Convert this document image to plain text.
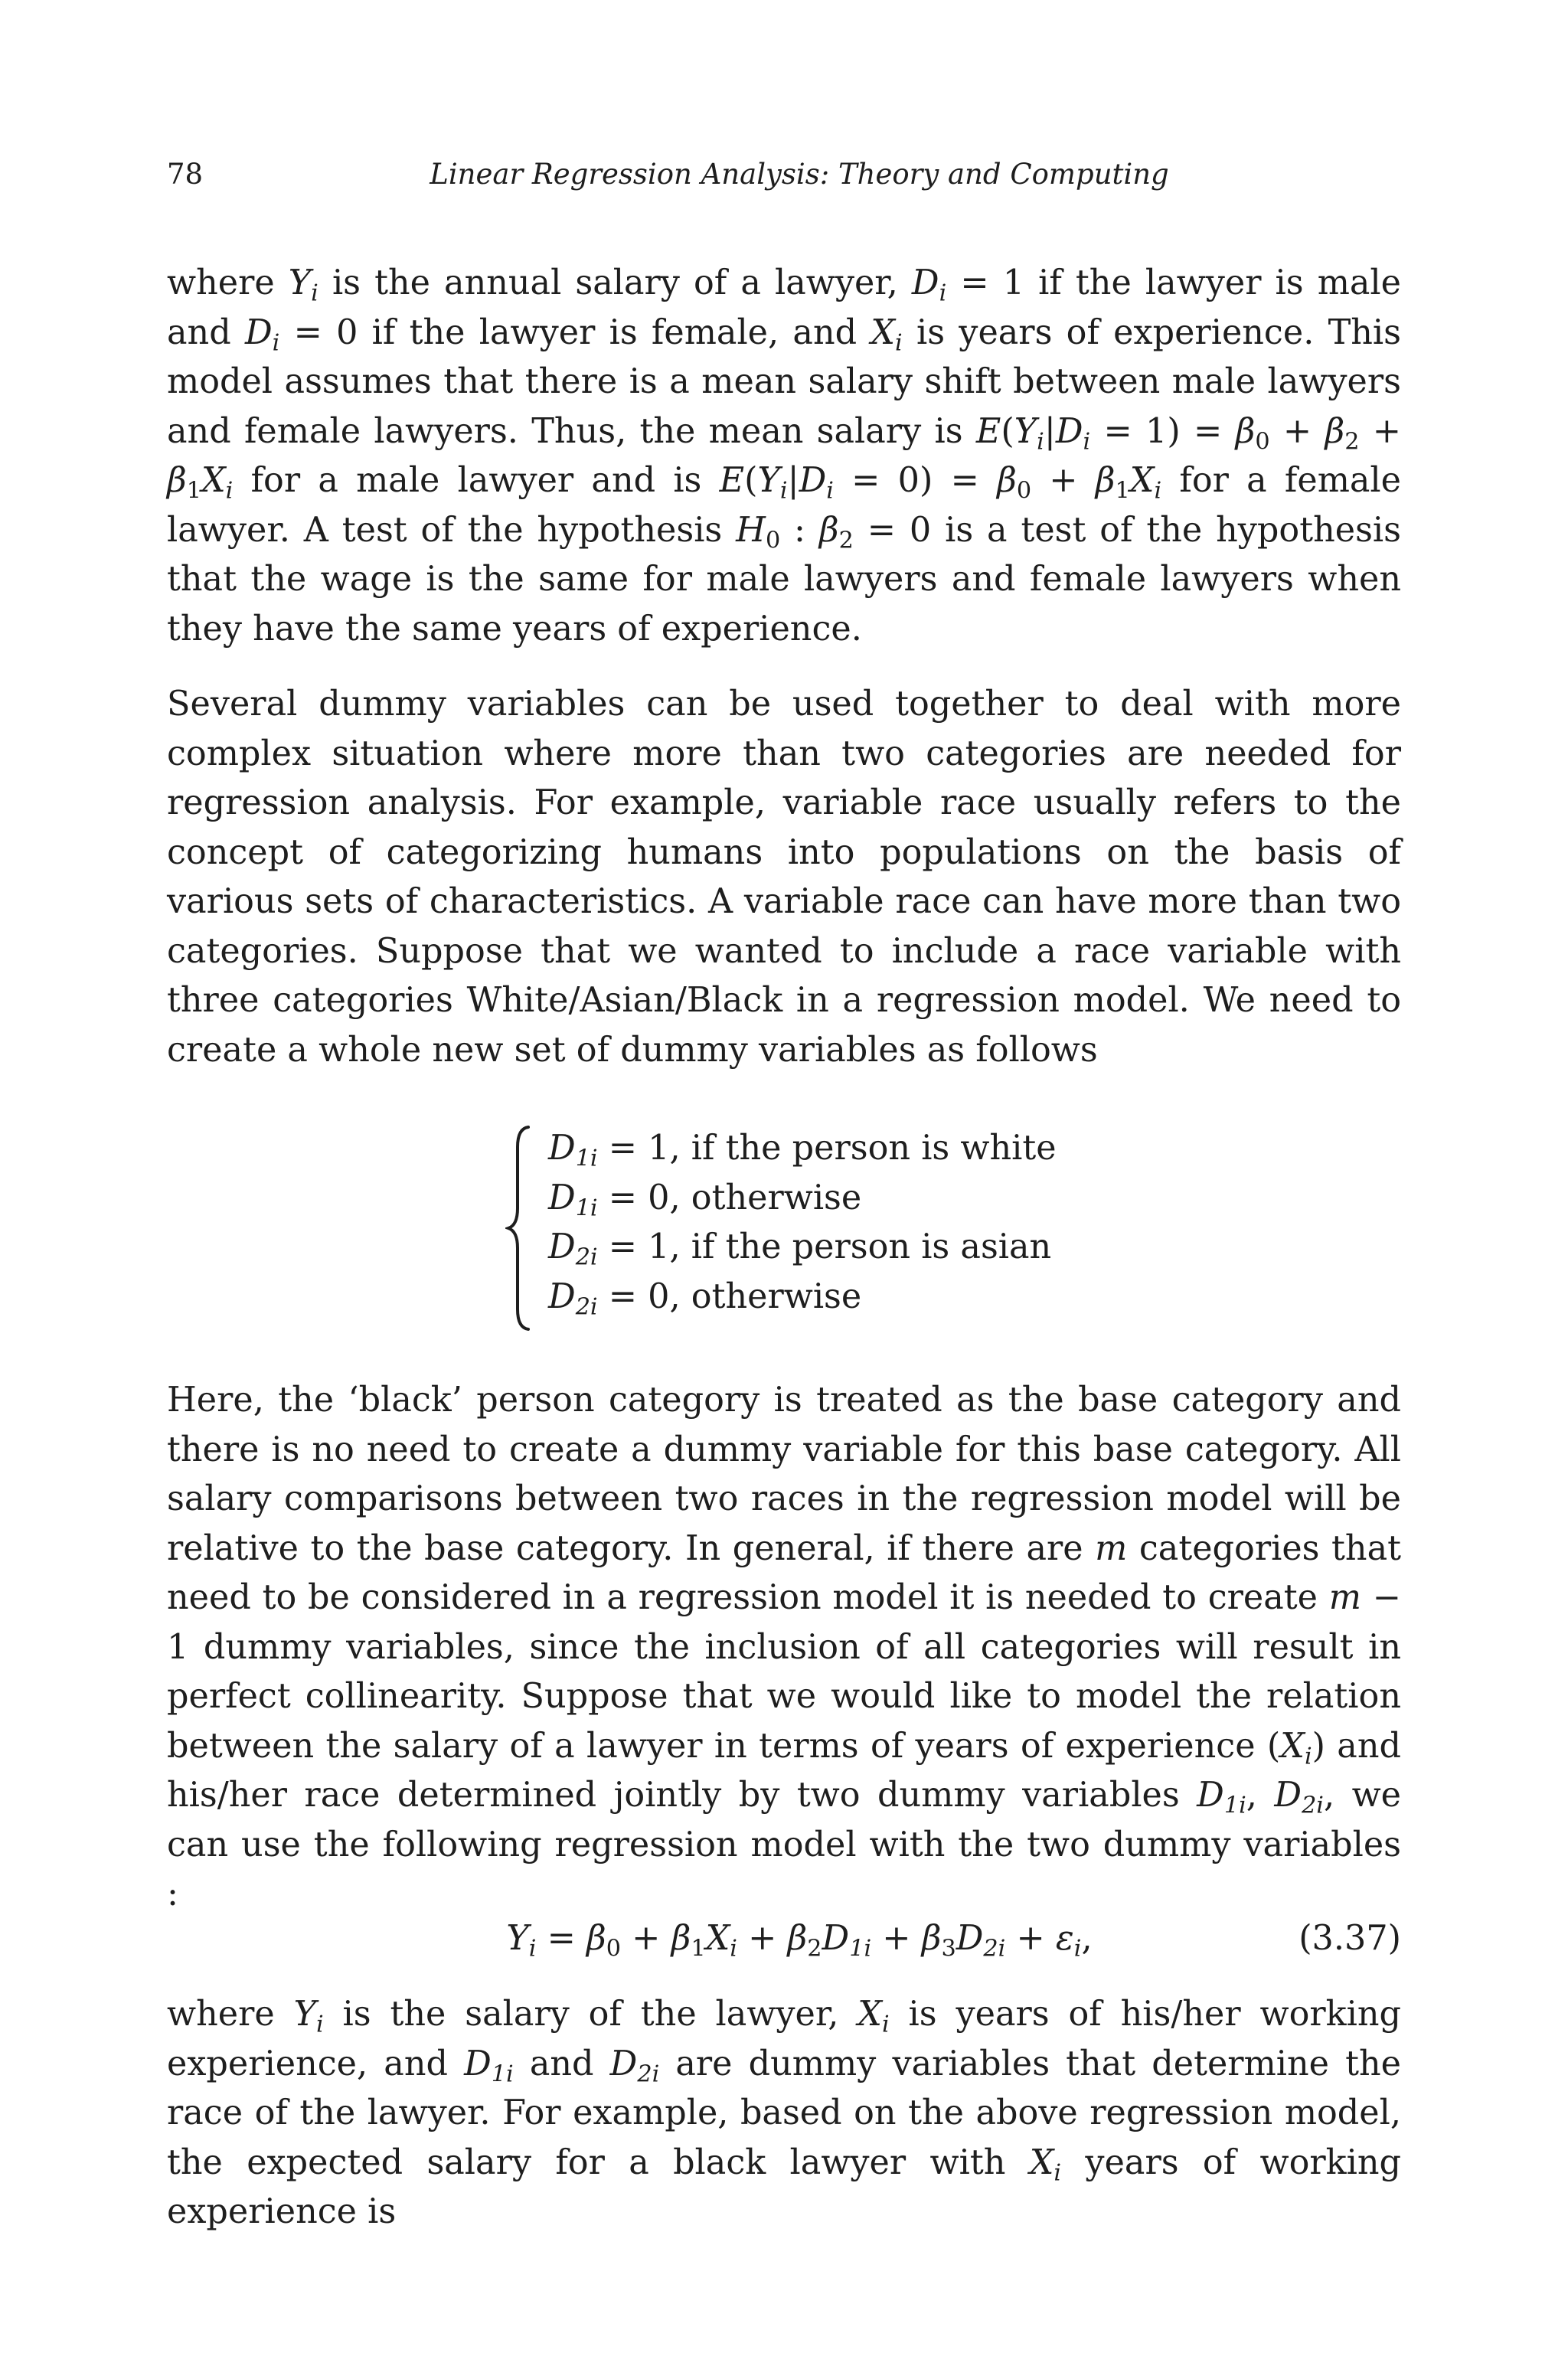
78	Linear Regression Analysis: Theory and Computing

where $Y_i$ is the annual salary of a lawyer, $D_i = 1$ if the lawyer is male and $D_i = 0$ if the lawyer is female, and $X_i$ is years of experience. This model assumes that there is a mean salary shift between male lawyers and female lawyers. Thus, the mean salary is $E(Y_i|D_i = 1) = \beta_0 + \beta_2 + \beta_1X_i$ for a male lawyer and is $E(Y_i|D_i = 0) = \beta_0 + \beta_1X_i$ for a female lawyer. A test of the hypothesis $H_0$ : $\beta_2 = 0$ is a test of the hypothesis that the wage is the same for male lawyers and female lawyers when they have the same years of experience.

Several dummy variables can be used together to deal with more complex situation where more than two categories are needed for regression analysis. For example, variable race usually refers to the concept of categorizing humans into populations on the basis of various sets of characteristics. A variable race can have more than two categories. Suppose that we wanted to include a race variable with three categories White/Asian/Black in a regression model. We need to create a whole new set of dummy variables as follows

$D_{1i} = 1$, if the person is white
$D_{1i} = 0$, otherwise
$D_{2i} = 1$, if the person is asian
$D_{2i} = 0$, otherwise

Here, the ‘black’ person category is treated as the base category and there is no need to create a dummy variable for this base category. All salary comparisons between two races in the regression model will be relative to the base category. In general, if there are m categories that need to be considered in a regression model it is needed to create m − 1 dummy variables, since the inclusion of all categories will result in perfect collinearity. Suppose that we would like to model the relation between the salary of a lawyer in terms of years of experience $(X_i)$ and his/her race determined jointly by two dummy variables $D_{1i}$, $D_{2i}$, we can use the following regression model with the two dummy variables :

$Y_i = \beta_0 + \beta_1X_i + \beta_2D_{1i} + \beta_3D_{2i} + \varepsilon_i$,	(3.37)

where $Y_i$ is the salary of the lawyer, $X_i$ is years of his/her working experience, and $D_{1i}$ and $D_{2i}$ are dummy variables that determine the race of the lawyer. For example, based on the above regression model, the expected salary for a black lawyer with $X_i$ years of working experience is
